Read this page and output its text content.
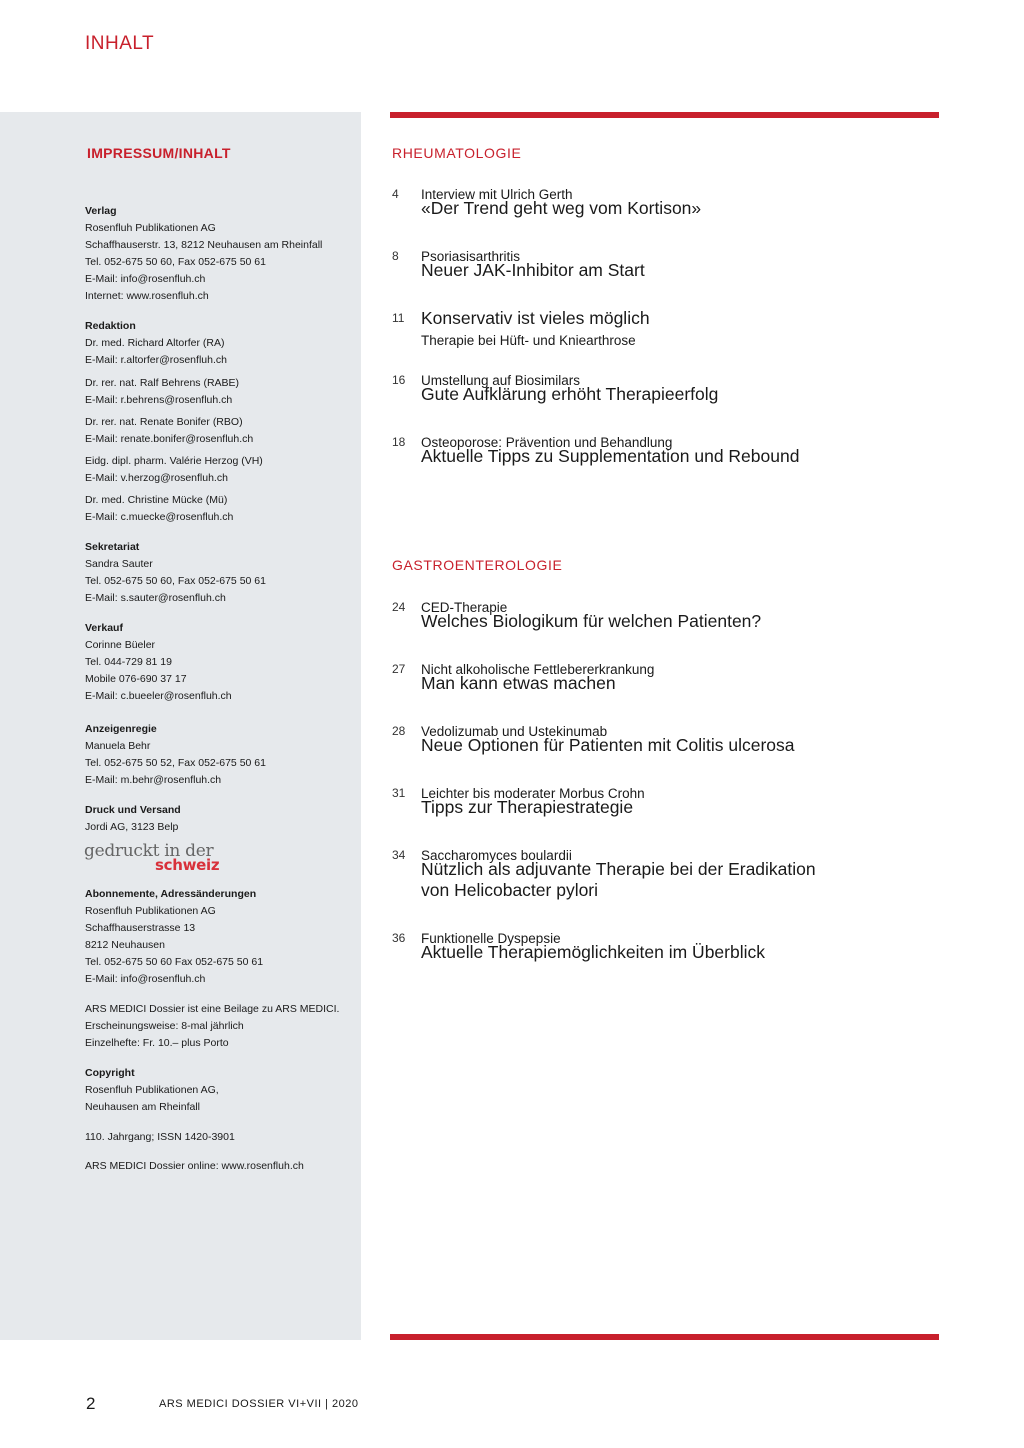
INHALT
IMPRESSUM/INHALT
Verlag
Rosenfluh Publikationen AG
Schaffhauserstr. 13, 8212 Neuhausen am Rheinfall
Tel. 052-675 50 60, Fax 052-675 50 61
E-Mail: info@rosenfluh.ch
Internet: www.rosenfluh.ch
Redaktion
Dr. med. Richard Altorfer (RA)
E-Mail: r.altorfer@rosenfluh.ch
Dr. rer. nat. Ralf Behrens (RABE)
E-Mail: r.behrens@rosenfluh.ch
Dr. rer. nat. Renate Bonifer (RBO)
E-Mail: renate.bonifer@rosenfluh.ch
Eidg. dipl. pharm. Valérie Herzog (VH)
E-Mail: v.herzog@rosenfluh.ch
Dr. med. Christine Mücke (Mü)
E-Mail: c.muecke@rosenfluh.ch
Sekretariat
Sandra Sauter
Tel. 052-675 50 60, Fax 052-675 50 61
E-Mail: s.sauter@rosenfluh.ch
Verkauf
Corinne Büeler
Tel. 044-729 81 19
Mobile 076-690 37 17
E-Mail: c.bueeler@rosenfluh.ch
Anzeigenregie
Manuela Behr
Tel. 052-675 50 52, Fax 052-675 50 61
E-Mail: m.behr@rosenfluh.ch
Druck und Versand
Jordi AG, 3123 Belp
gedruckt in der
schweiz
Abonnemente, Adressänderungen
Rosenfluh Publikationen AG
Schaffhauserstrasse 13
8212 Neuhausen
Tel. 052-675 50 60 Fax 052-675 50 61
E-Mail: info@rosenfluh.ch
ARS MEDICI Dossier ist eine Beilage zu ARS MEDICI.
Erscheinungsweise: 8-mal jährlich
Einzelhefte: Fr. 10.– plus Porto
Copyright
Rosenfluh Publikationen AG,
Neuhausen am Rheinfall
110. Jahrgang; ISSN 1420-3901
ARS MEDICI Dossier online: www.rosenfluh.ch
RHEUMATOLOGIE
4 Interview mit Ulrich Gerth
«Der Trend geht weg vom Kortison»
8 Psoriasisarthritis
Neuer JAK-Inhibitor am Start
11 Konservativ ist vieles möglich
Therapie bei Hüft- und Kniearthrose
16 Umstellung auf Biosimilars
Gute Aufklärung erhöht Therapieerfolg
18 Osteoporose: Prävention und Behandlung
Aktuelle Tipps zu Supplementation und Rebound
GASTROENTEROLOGIE
24 CED-Therapie
Welches Biologikum für welchen Patienten?
27 Nicht alkoholische Fettlebererkrankung
Man kann etwas machen
28 Vedolizumab und Ustekinumab
Neue Optionen für Patienten mit Colitis ulcerosa
31 Leichter bis moderater Morbus Crohn
Tipps zur Therapiestrategie
34 Saccharomyces boulardii
Nützlich als adjuvante Therapie bei der Eradikation
von Helicobacter pylori
36 Funktionelle Dyspepsie
Aktuelle Therapiemöglichkeiten im Überblick
2	ARS MEDICI DOSSIER VI+VII | 2020
